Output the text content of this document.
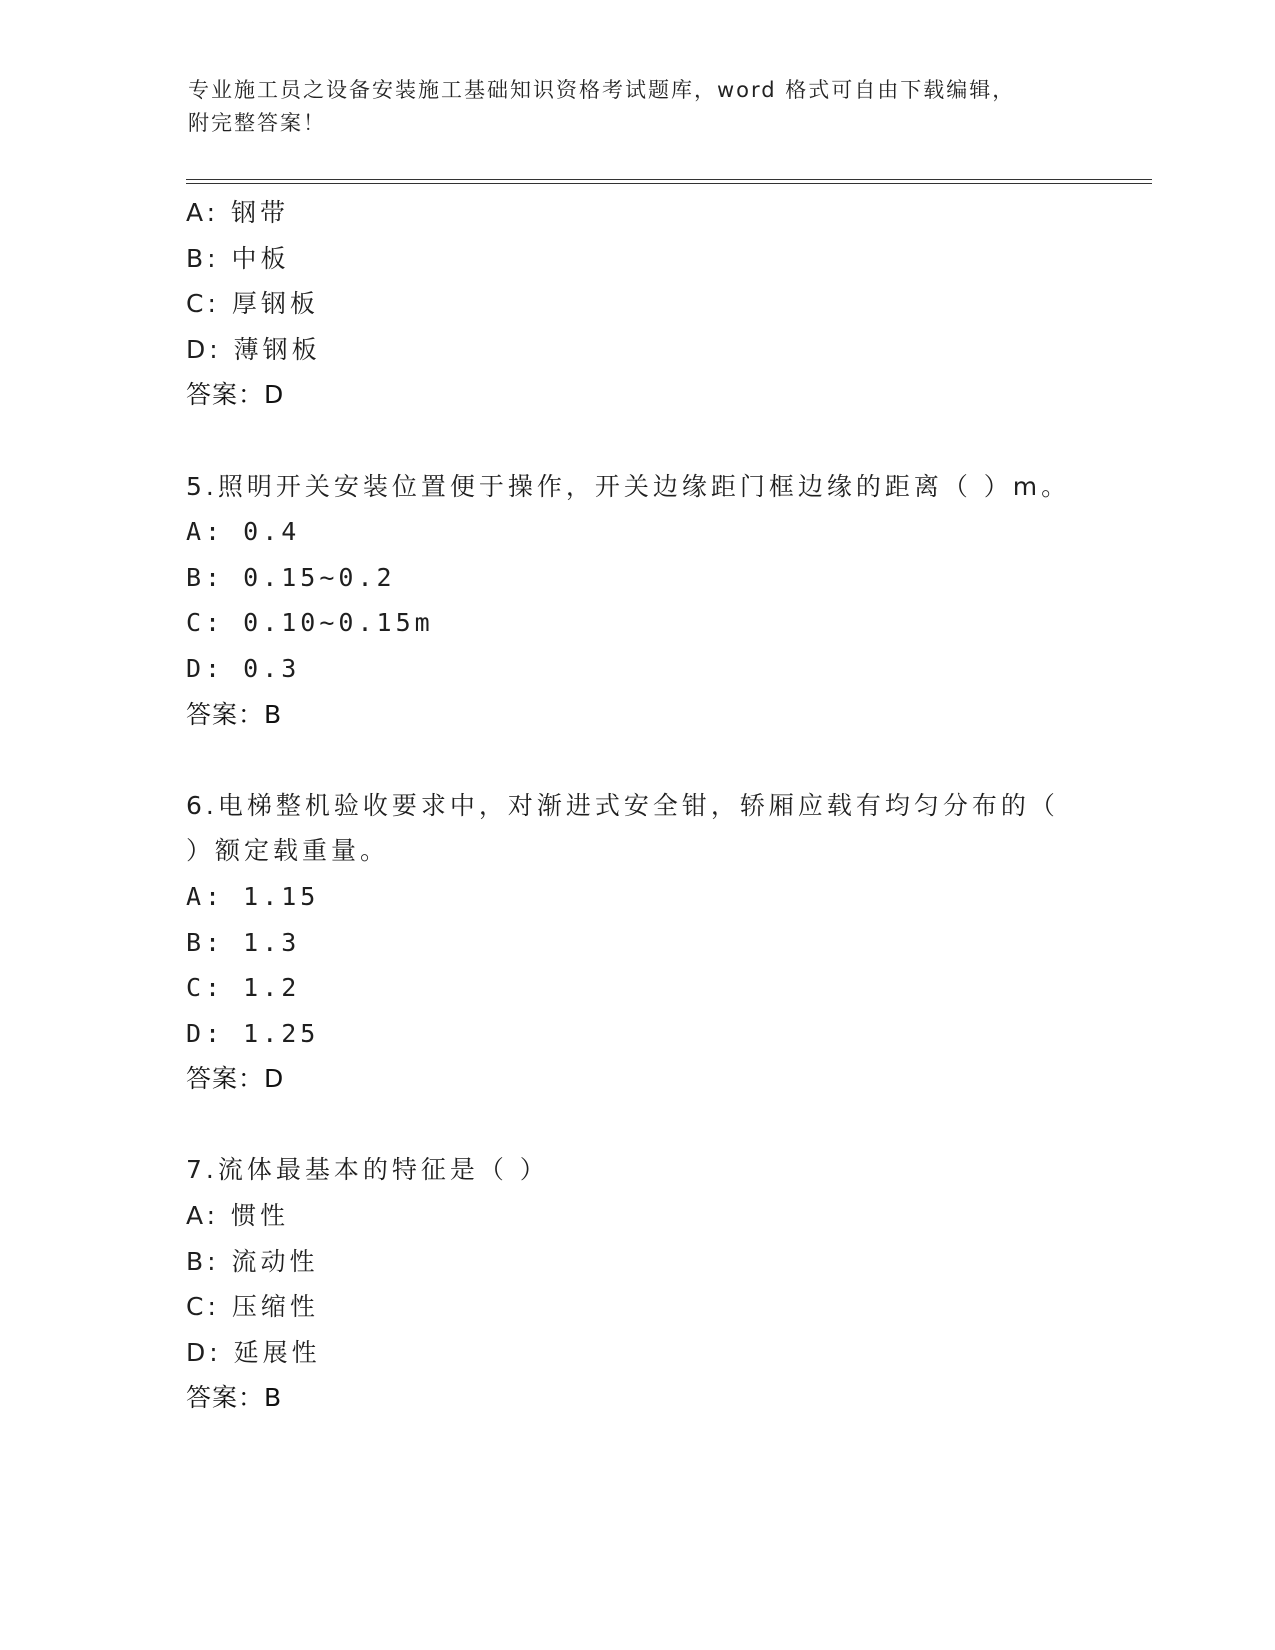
专业施工员之设备安装施工基础知识资格考试题库，word 格式可自由下载编辑，
附完整答案！
A: 钢带
B: 中板
C: 厚钢板
D: 薄钢板
答案：D
5.照明开关安装位置便于操作，开关边缘距门框边缘的距离（ ）m。
A: 0.4
B: 0.15~0.2
C: 0.10~0.15m
D: 0.3
答案：B
6.电梯整机验收要求中，对渐进式安全钳，轿厢应载有均匀分布的（
）额定载重量。
A: 1.15
B: 1.3
C: 1.2
D: 1.25
答案：D
7.流体最基本的特征是（ ）
A: 惯性
B: 流动性
C: 压缩性
D: 延展性
答案：B
